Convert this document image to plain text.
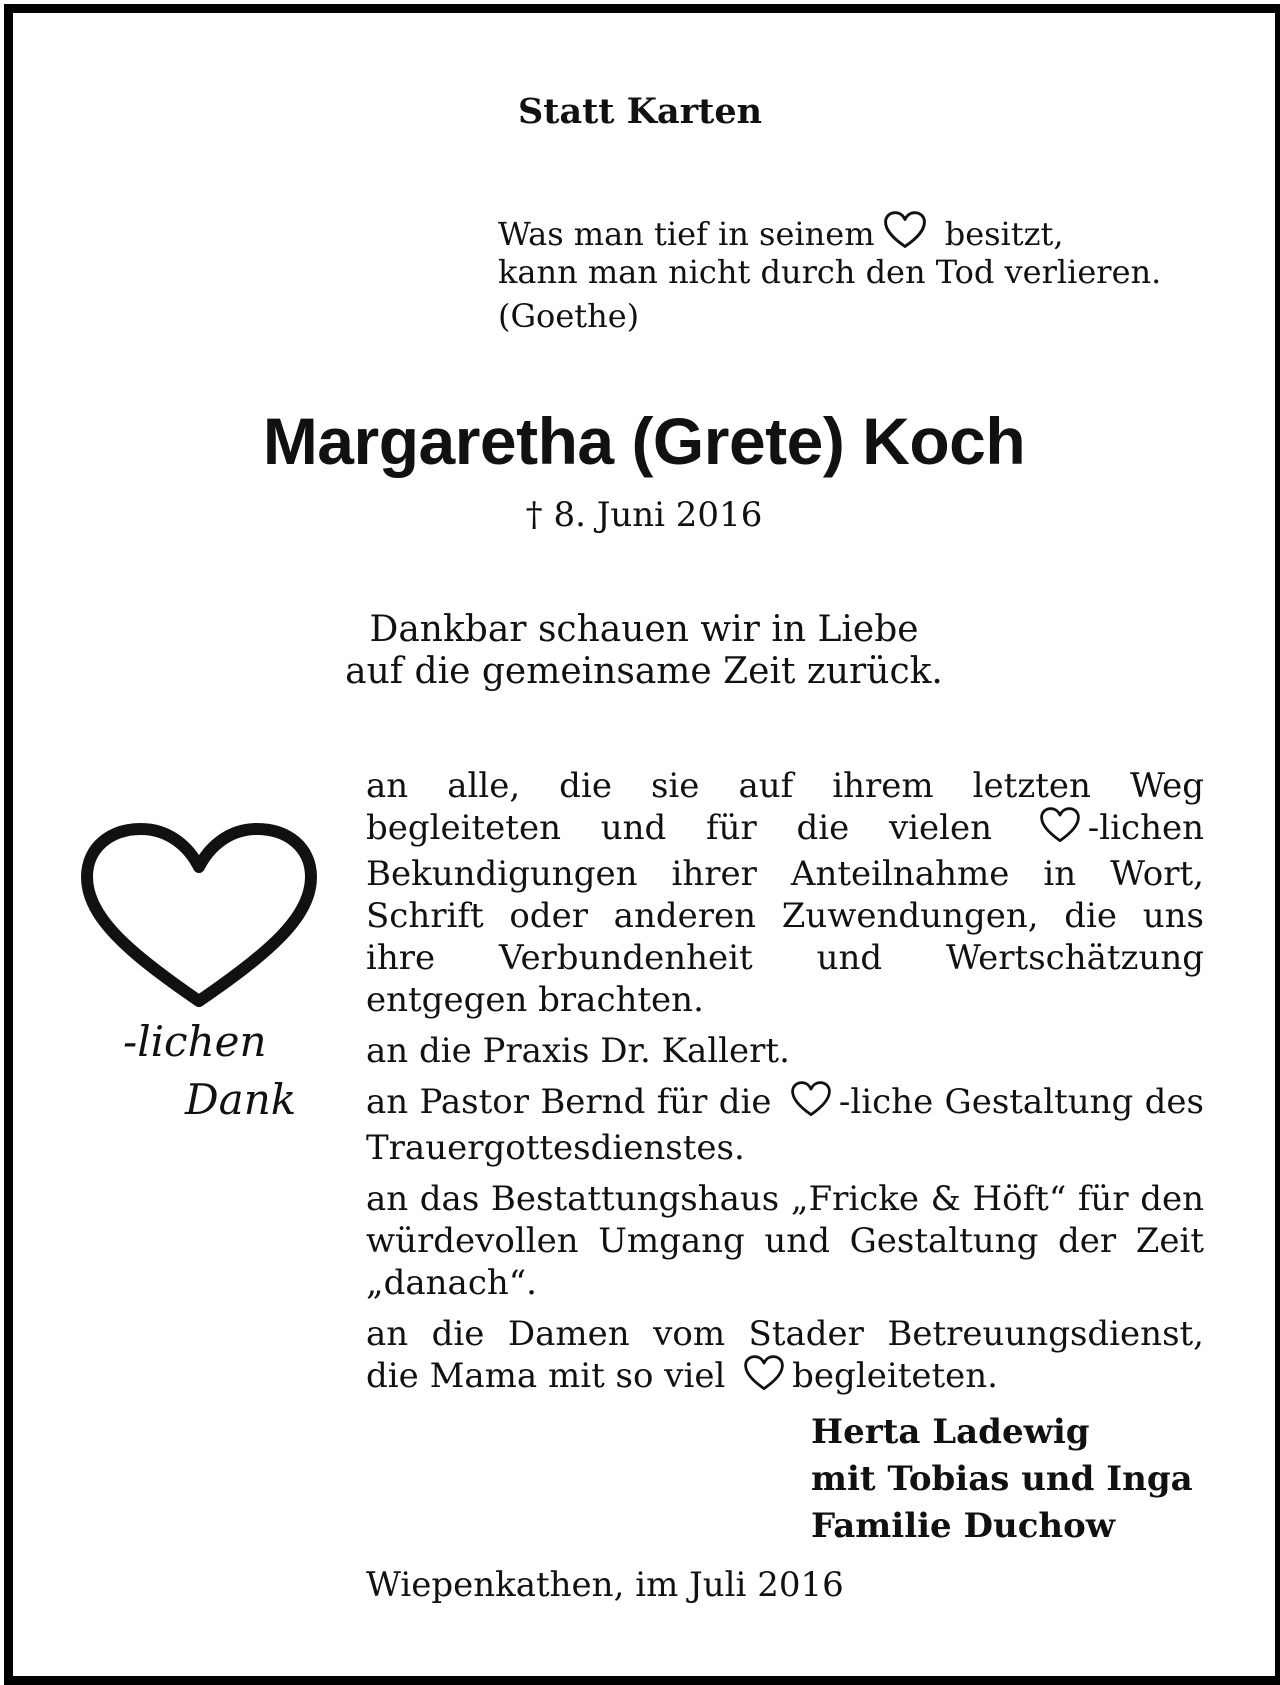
Statt Karten
Was man tief in seinem besitzt,
kann man nicht durch den Tod verlieren.
(Goethe)
Margaretha (Grete) Koch
† 8. Juni 2016
Dankbar schauen wir in Liebe
auf die gemeinsame Zeit zurück.
-lichen
Dank
an alle, die sie auf ihrem letzten Weg begleiteten und für die vielen -lichen Bekundigungen ihrer Anteilnahme in Wort, Schrift oder anderen Zuwendungen, die uns ihre Verbundenheit und Wertschätzung entgegen brachten.
an die Praxis Dr. Kallert.
an Pastor Bernd für die -liche Gestaltung des Trauergottesdienstes.
an das Bestattungshaus „Fricke & Höft“ für den würdevollen Umgang und Gestaltung der Zeit „danach“.
an die Damen vom Stader Betreuungsdienst, die Mama mit so viel begleiteten.
Herta Ladewig
mit Tobias und Inga
Familie Duchow
Wiepenkathen, im Juli 2016
